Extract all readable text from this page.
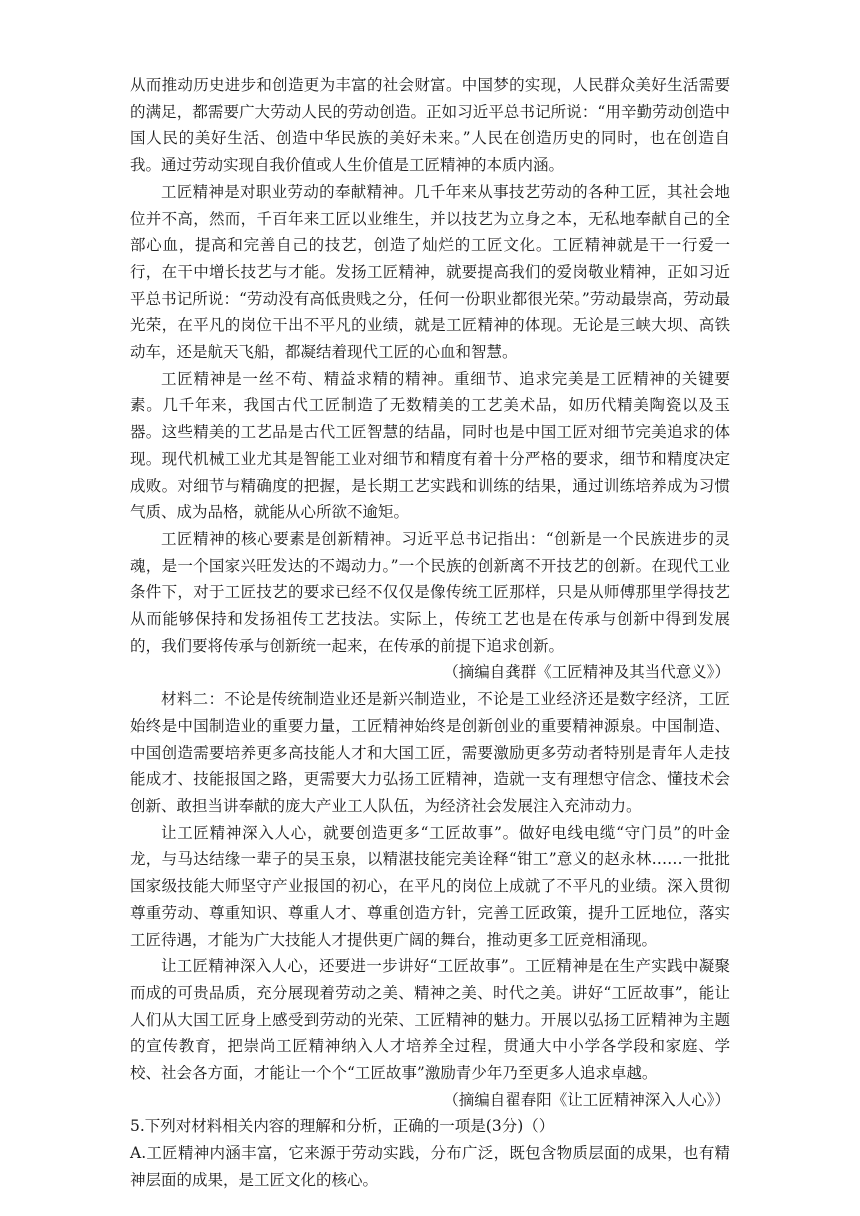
从而推动历史进步和创造更为丰富的社会财富。中国梦的实现，人民群众美好生活需要的满足，都需要广大劳动人民的劳动创造。正如习近平总书记所说：“用辛勤劳动创造中国人民的美好生活、创造中华民族的美好未来。”人民在创造历史的同时，也在创造自我。通过劳动实现自我价值或人生价值是工匠精神的本质内涵。

工匠精神是对职业劳动的奉献精神。几千年来从事技艺劳动的各种工匠，其社会地位并不高，然而，千百年来工匠以业维生，并以技艺为立身之本，无私地奉献自己的全部心血，提高和完善自己的技艺，创造了灿烂的工匠文化。工匠精神就是干一行爱一行，在干中增长技艺与才能。发扬工匠精神，就要提高我们的爱岗敬业精神，正如习近平总书记所说：“劳动没有高低贵贱之分，任何一份职业都很光荣。”劳动最崇高，劳动最光荣，在平凡的岗位干出不平凡的业绩，就是工匠精神的体现。无论是三峡大坝、高铁动车，还是航天飞船，都凝结着现代工匠的心血和智慧。

工匠精神是一丝不苟、精益求精的精神。重细节、追求完美是工匠精神的关键要素。几千年来，我国古代工匠制造了无数精美的工艺美术品，如历代精美陶瓷以及玉器。这些精美的工艺品是古代工匠智慧的结晶，同时也是中国工匠对细节完美追求的体现。现代机械工业尤其是智能工业对细节和精度有着十分严格的要求，细节和精度决定成败。对细节与精确度的把握，是长期工艺实践和训练的结果，通过训练培养成为习惯气质、成为品格，就能从心所欲不逾矩。

工匠精神的核心要素是创新精神。习近平总书记指出：“创新是一个民族进步的灵魂，是一个国家兴旺发达的不竭动力。”一个民族的创新离不开技艺的创新。在现代工业条件下，对于工匠技艺的要求已经不仅仅是像传统工匠那样，只是从师傅那里学得技艺从而能够保持和发扬祖传工艺技法。实际上，传统工艺也是在传承与创新中得到发展的，我们要将传承与创新统一起来，在传承的前提下追求创新。

（摘编自龚群《工匠精神及其当代意义》）

材料二：不论是传统制造业还是新兴制造业，不论是工业经济还是数字经济，工匠始终是中国制造业的重要力量，工匠精神始终是创新创业的重要精神源泉。中国制造、中国创造需要培养更多高技能人才和大国工匠，需要激励更多劳动者特别是青年人走技能成才、技能报国之路，更需要大力弘扬工匠精神，造就一支有理想守信念、懂技术会创新、敢担当讲奉献的庞大产业工人队伍，为经济社会发展注入充沛动力。

让工匠精神深入人心，就要创造更多“工匠故事”。做好电线电缆“守门员”的叶金龙，与马达结缘一辈子的吴玉泉，以精湛技能完美诠释“钳工”意义的赵永林……一批批国家级技能大师坚守产业报国的初心，在平凡的岗位上成就了不平凡的业绩。深入贯彻尊重劳动、尊重知识、尊重人才、尊重创造方针，完善工匠政策，提升工匠地位，落实工匠待遇，才能为广大技能人才提供更广阔的舞台，推动更多工匠竞相涌现。

让工匠精神深入人心，还要进一步讲好“工匠故事”。工匠精神是在生产实践中凝聚而成的可贵品质，充分展现着劳动之美、精神之美、时代之美。讲好“工匠故事”，能让人们从大国工匠身上感受到劳动的光荣、工匠精神的魅力。开展以弘扬工匠精神为主题的宣传教育，把崇尚工匠精神纳入人才培养全过程，贯通大中小学各学段和家庭、学校、社会各方面，才能让一个个“工匠故事”激励青少年乃至更多人追求卓越。

（摘编自翟春阳《让工匠精神深入人心》）

5.下列对材料相关内容的理解和分析，正确的一项是(3分)（）

A.工匠精神内涵丰富，它来源于劳动实践，分布广泛，既包含物质层面的成果，也有精神层面的成果，是工匠文化的核心。
